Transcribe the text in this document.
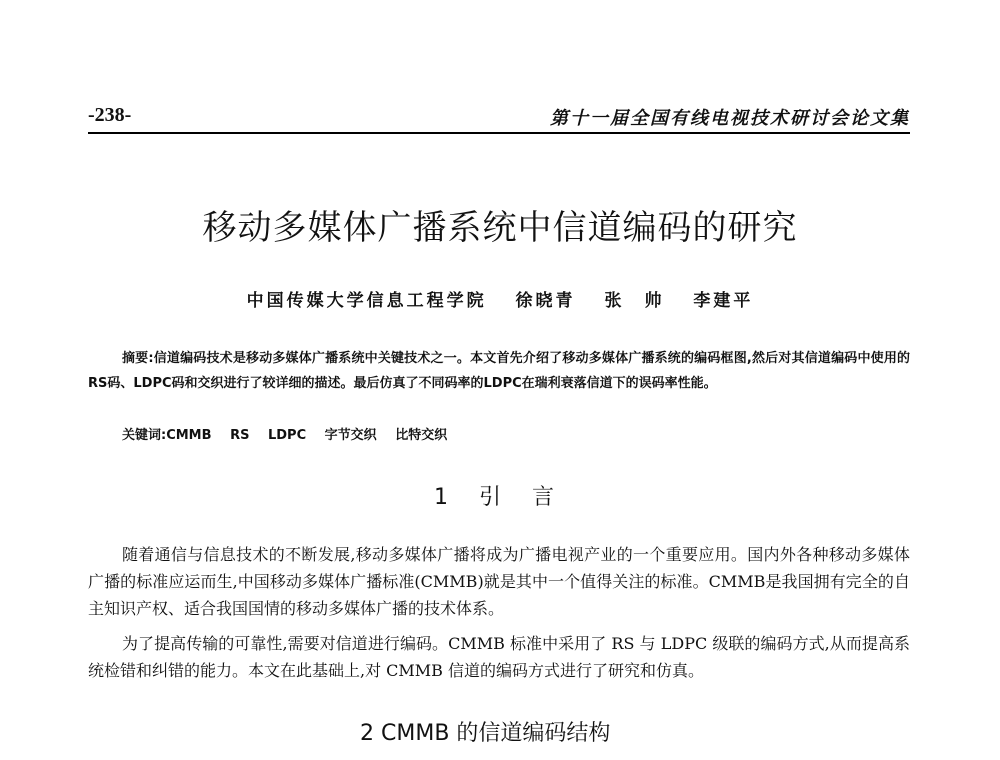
-238-	第十一届全国有线电视技术研讨会论文集
移动多媒体广播系统中信道编码的研究
中国传媒大学信息工程学院 徐晓青 张　帅 李建平
摘要:信道编码技术是移动多媒体广播系统中关键技术之一。本文首先介绍了移动多媒体广播系统的编码框图,然后对其信道编码中使用的RS码、LDPC码和交织进行了较详细的描述。最后仿真了不同码率的LDPC在瑞利衰落信道下的误码率性能。
关键词:CMMB RS LDPC 字节交织 比特交织
1 引 言
随着通信与信息技术的不断发展,移动多媒体广播将成为广播电视产业的一个重要应用。国内外各种移动多媒体广播的标准应运而生,中国移动多媒体广播标准(CMMB)就是其中一个值得关注的标准。CMMB是我国拥有完全的自主知识产权、适合我国国情的移动多媒体广播的技术体系。
为了提高传输的可靠性,需要对信道进行编码。CMMB 标准中采用了 RS 与 LDPC 级联的编码方式,从而提高系统检错和纠错的能力。本文在此基础上,对 CMMB 信道的编码方式进行了研究和仿真。
2 CMMB 的信道编码结构
